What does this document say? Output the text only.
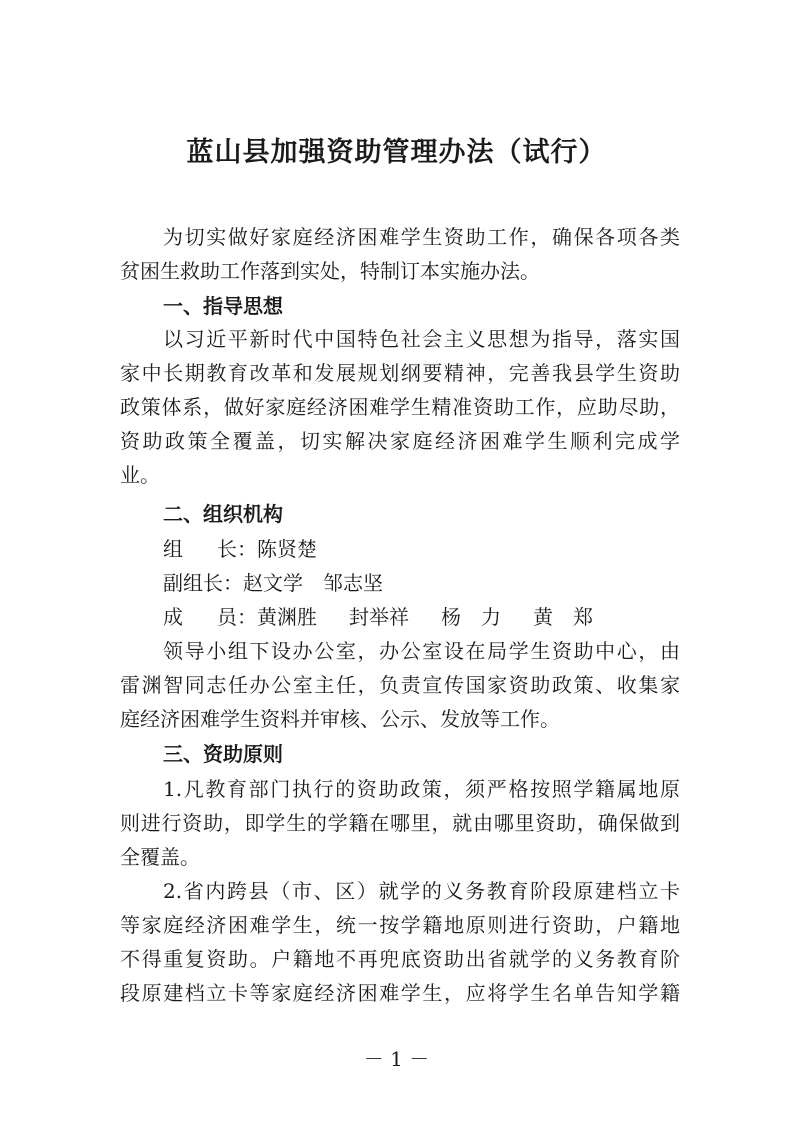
蓝山县加强资助管理办法（试行）
为切实做好家庭经济困难学生资助工作，确保各项各类
贫困生救助工作落到实处，特制订本实施办法。
一、指导思想
以习近平新时代中国特色社会主义思想为指导，落实国
家中长期教育改革和发展规划纲要精神，完善我县学生资助
政策体系，做好家庭经济困难学生精准资助工作，应助尽助，
资助政策全覆盖，切实解决家庭经济困难学生顺利完成学
业。
二、组织机构
组 长：陈贤楚
副组长：赵文学　邹志坚
成 员：黄渊胜 封举祥 杨　力 黄　郑
领导小组下设办公室，办公室设在局学生资助中心，由
雷渊智同志任办公室主任，负责宣传国家资助政策、收集家
庭经济困难学生资料并审核、公示、发放等工作。
三、资助原则
1.凡教育部门执行的资助政策，须严格按照学籍属地原
则进行资助，即学生的学籍在哪里，就由哪里资助，确保做到
全覆盖。
2.省内跨县（市、区）就学的义务教育阶段原建档立卡
等家庭经济困难学生，统一按学籍地原则进行资助，户籍地
不得重复资助。户籍地不再兜底资助出省就学的义务教育阶
段原建档立卡等家庭经济困难学生，应将学生名单告知学籍
－ 1 －
